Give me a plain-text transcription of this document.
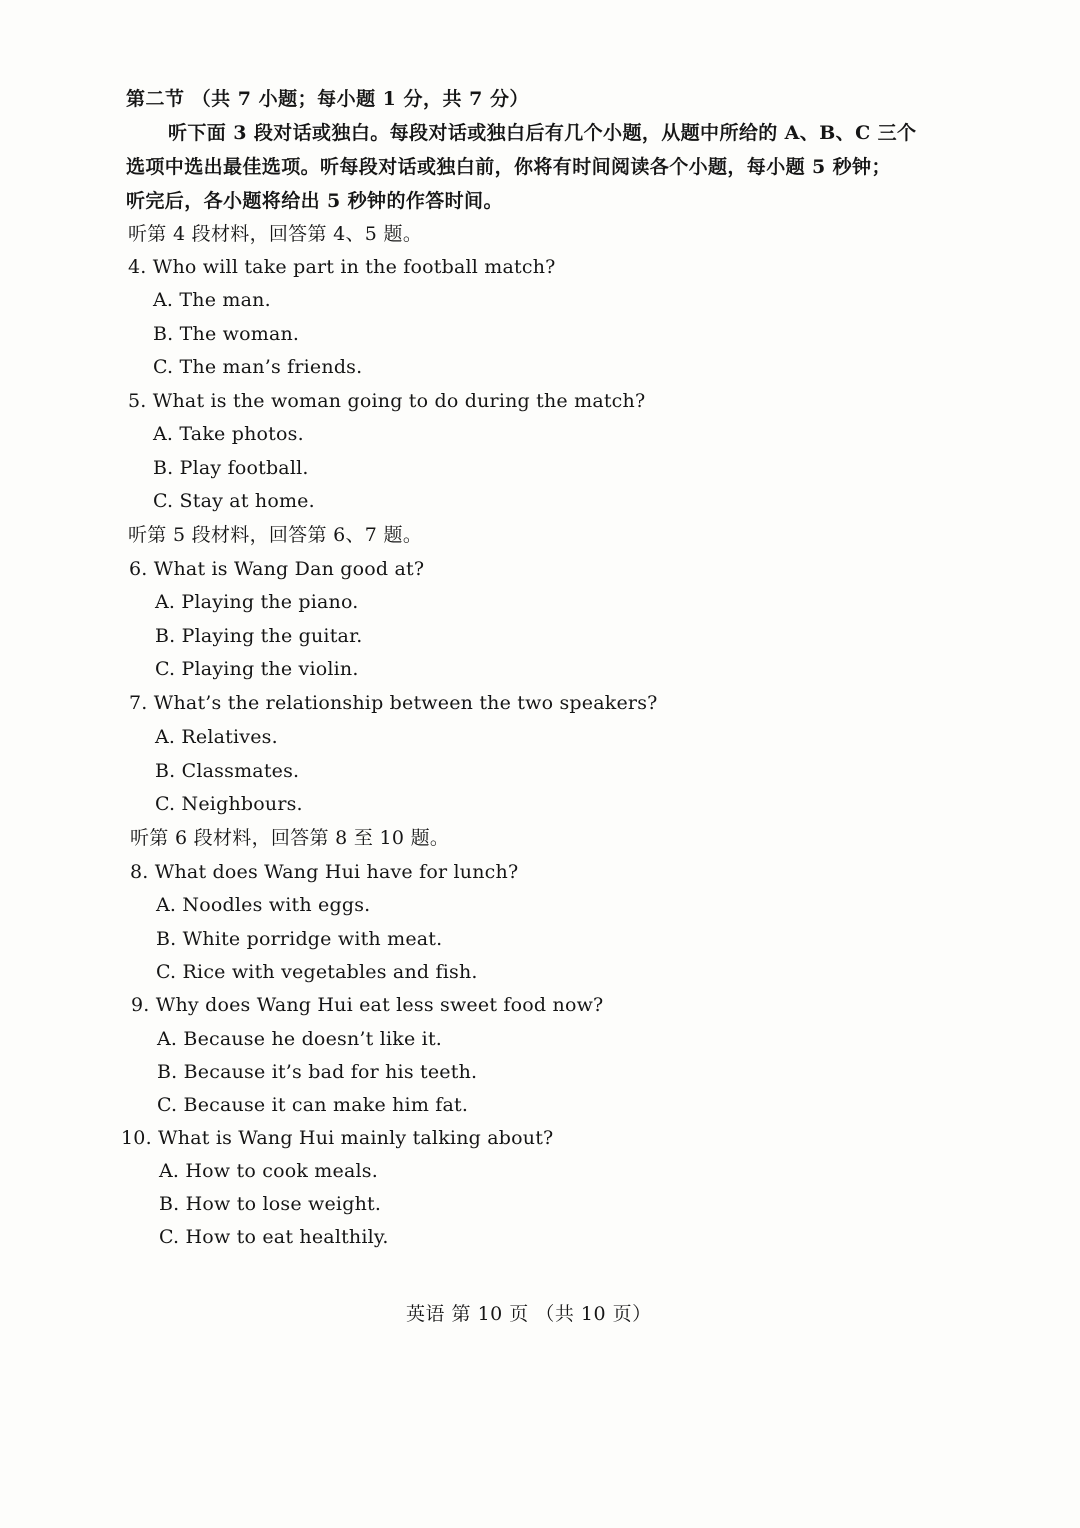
第二节 （共 7 小题；每小题 1 分，共 7 分）
听下面 3 段对话或独白。每段对话或独白后有几个小题，从题中所给的 A、B、C 三个
选项中选出最佳选项。听每段对话或独白前，你将有时间阅读各个小题，每小题 5 秒钟；
听完后，各小题将给出 5 秒钟的作答时间。
听第 4 段材料，回答第 4、5 题。
4. Who will take part in the football match?
A. The man.
B. The woman.
C. The man’s friends.
5. What is the woman going to do during the match?
A. Take photos.
B. Play football.
C. Stay at home.
听第 5 段材料，回答第 6、7 题。
6. What is Wang Dan good at?
A. Playing the piano.
B. Playing the guitar.
C. Playing the violin.
7. What’s the relationship between the two speakers?
A. Relatives.
B. Classmates.
C. Neighbours.
听第 6 段材料，回答第 8 至 10 题。
8. What does Wang Hui have for lunch?
A. Noodles with eggs.
B. White porridge with meat.
C. Rice with vegetables and fish.
9. Why does Wang Hui eat less sweet food now?
A. Because he doesn’t like it.
B. Because it’s bad for his teeth.
C. Because it can make him fat.
10. What is Wang Hui mainly talking about?
A. How to cook meals.
B. How to lose weight.
C. How to eat healthily.
英语 第 10 页 （共 10 页）
